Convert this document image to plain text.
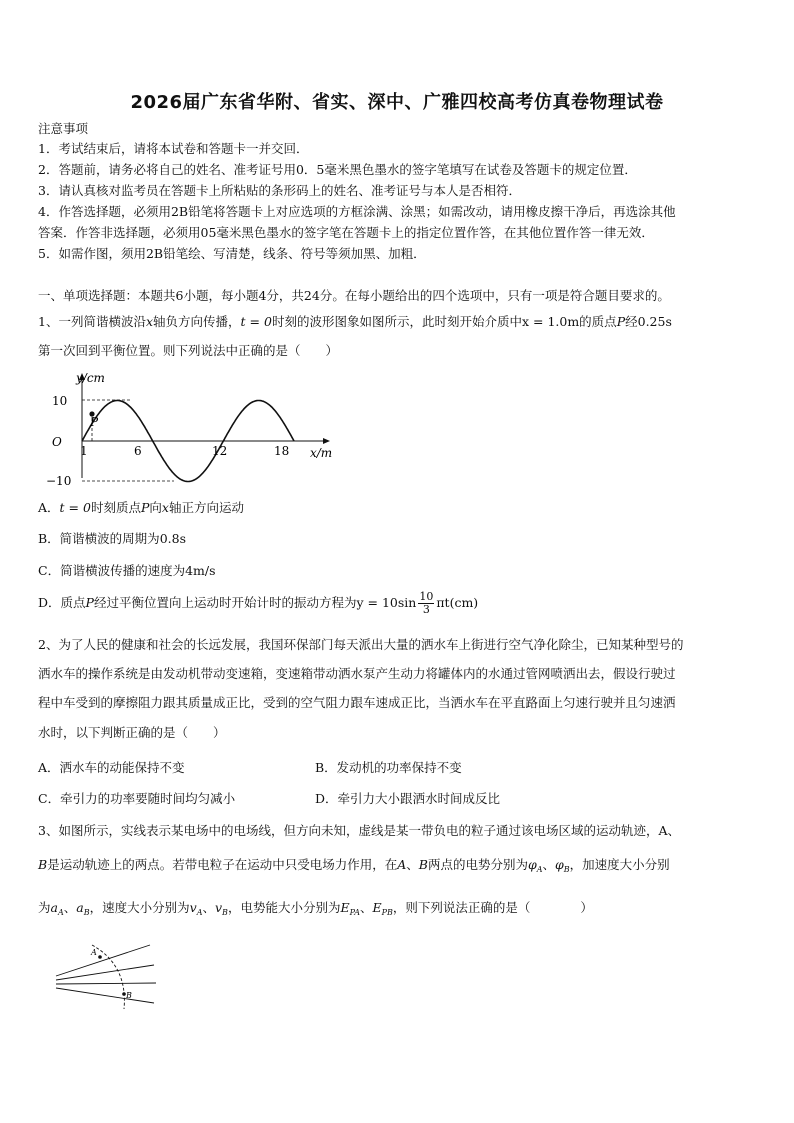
2026届广东省华附、省实、深中、广雅四校高考仿真卷物理试卷
注意事项
1．考试结束后，请将本试卷和答题卡一并交回．
2．答题前，请务必将自己的姓名、准考证号用0．5毫米黑色墨水的签字笔填写在试卷及答题卡的规定位置．
3．请认真核对监考员在答题卡上所粘贴的条形码上的姓名、准考证号与本人是否相符．
4．作答选择题，必须用2B铅笔将答题卡上对应选项的方框涂满、涂黑；如需改动，请用橡皮擦干净后，再选涂其他
答案．作答非选择题，必须用05毫米黑色墨水的签字笔在答题卡上的指定位置作答，在其他位置作答一律无效．
5．如需作图，须用2B铅笔绘、写清楚，线条、符号等须加黑、加粗．
一、单项选择题：本题共6小题，每小题4分，共24分。在每小题给出的四个选项中，只有一项是符合题目要求的。
1、一列简谐横波沿x轴负方向传播，t = 0时刻的波形图象如图所示，此时刻开始介质中x = 1.0m的质点P经0.25s
第一次回到平衡位置。则下列说法中正确的是（　　）
y/cm
x/m
O
P
10
−10
1	6	12	18
A．t = 0时刻质点P向x轴正方向运动
B．简谐横波的周期为0.8s
C．简谐横波传播的速度为4m/s
D．质点P经过平衡位置向上运动时开始计时的振动方程为$y = 10\sin \frac{10}{3} \pi t(cm)$
2、为了人民的健康和社会的长远发展，我国环保部门每天派出大量的洒水车上街进行空气净化除尘，已知某种型号的
洒水车的操作系统是由发动机带动变速箱，变速箱带动洒水泵产生动力将罐体内的水通过管网喷洒出去，假设行驶过
程中车受到的摩擦阻力跟其质量成正比，受到的空气阻力跟车速成正比，当洒水车在平直路面上匀速行驶并且匀速洒
水时，以下判断正确的是（　　）
A．洒水车的动能保持不变	B．发动机的功率保持不变
C．牵引力的功率要随时间均匀减小	D．牵引力大小跟洒水时间成反比
3、如图所示，实线表示某电场中的电场线，但方向未知，虚线是某一带负电的粒子通过该电场区域的运动轨迹，A、
B是运动轨迹上的两点。若带电粒子在运动中只受电场力作用，在A、B两点的电势分别为$\varphi_A$、$\varphi_B$，加速度大小分别
为$a_A$、$a_B$，速度大小分别为$v_A$、$v_B$，电势能大小分别为$E_{PA}$、$E_{PB}$，则下列说法正确的是（　　　　）
A
B
